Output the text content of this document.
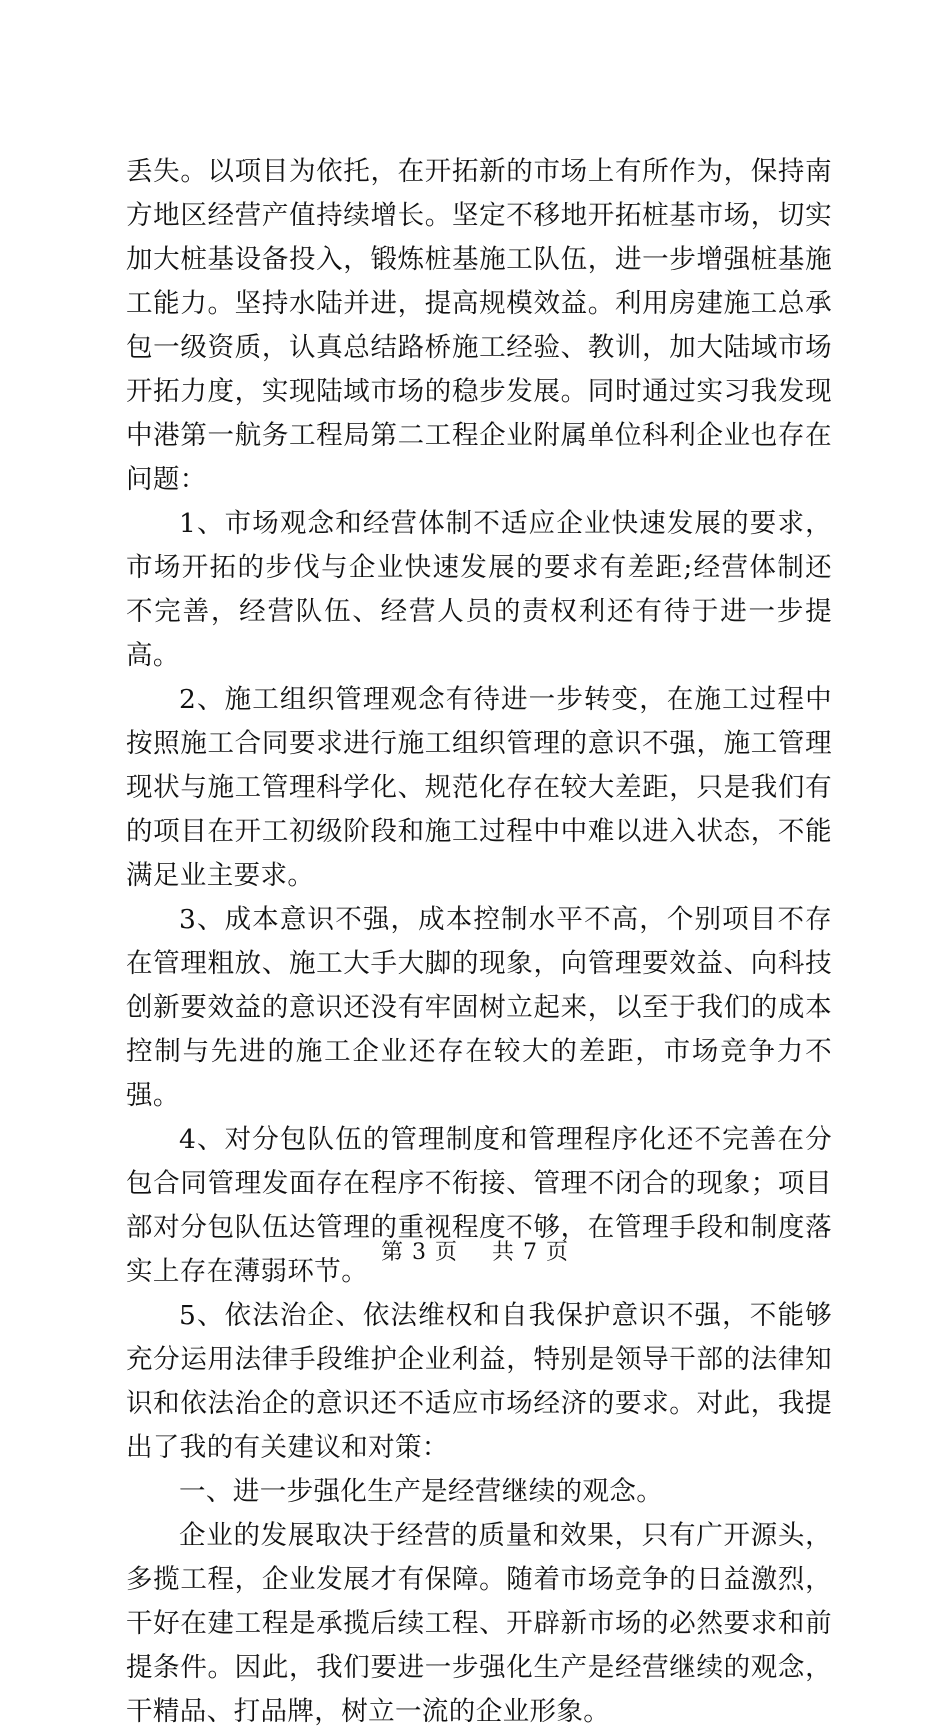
丢失。以项目为依托，在开拓新的市场上有所作为，保持南方地区经营产值持续增长。坚定不移地开拓桩基市场，切实加大桩基设备投入，锻炼桩基施工队伍，进一步增强桩基施工能力。坚持水陆并进，提高规模效益。利用房建施工总承包一级资质，认真总结路桥施工经验、教训，加大陆域市场开拓力度，实现陆域市场的稳步发展。同时通过实习我发现中港第一航务工程局第二工程企业附属单位科利企业也存在问题：

1、市场观念和经营体制不适应企业快速发展的要求，市场开拓的步伐与企业快速发展的要求有差距;经营体制还不完善，经营队伍、经营人员的责权利还有待于进一步提高。

2、施工组织管理观念有待进一步转变，在施工过程中按照施工合同要求进行施工组织管理的意识不强，施工管理现状与施工管理科学化、规范化存在较大差距，只是我们有的项目在开工初级阶段和施工过程中中难以进入状态，不能满足业主要求。

3、成本意识不强，成本控制水平不高，个别项目不存在管理粗放、施工大手大脚的现象，向管理要效益、向科技创新要效益的意识还没有牢固树立起来，以至于我们的成本控制与先进的施工企业还存在较大的差距，市场竞争力不强。

4、对分包队伍的管理制度和管理程序化还不完善在分包合同管理发面存在程序不衔接、管理不闭合的现象；项目部对分包队伍达管理的重视程度不够，在管理手段和制度落实上存在薄弱环节。

5、依法治企、依法维权和自我保护意识不强，不能够充分运用法律手段维护企业利益，特别是领导干部的法律知识和依法治企的意识还不适应市场经济的要求。对此，我提出了我的有关建议和对策：

一、进一步强化生产是经营继续的观念。

企业的发展取决于经营的质量和效果，只有广开源头，多揽工程，企业发展才有保障。随着市场竞争的日益激烈，干好在建工程是承揽后续工程、开辟新市场的必然要求和前提条件。因此，我们要进一步强化生产是经营继续的观念，干精品、打品牌，树立一流的企业形象。

第 3 页 共 7 页
